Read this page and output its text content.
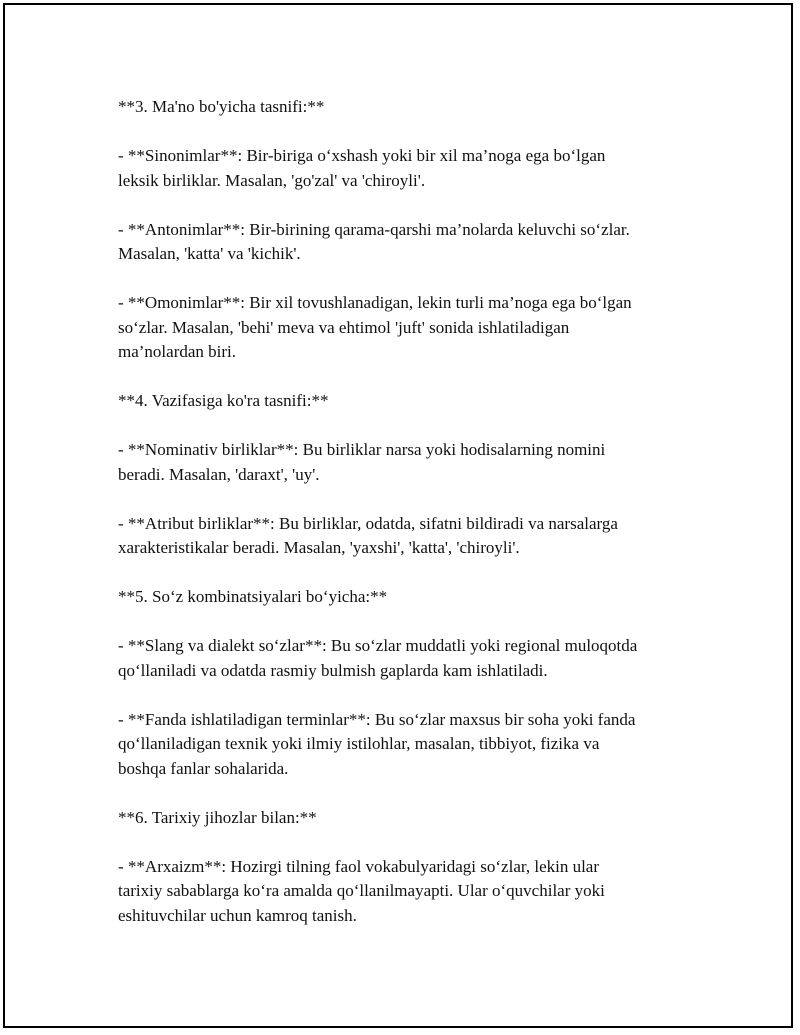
**3. Ma'no bo'yicha tasnifi:**
- **Sinonimlar**: Bir-biriga o‘xshash yoki bir xil ma’noga ega bo‘lgan
leksik birliklar. Masalan, 'go'zal' va 'chiroyli'.
- **Antonimlar**: Bir-birining qarama-qarshi ma’nolarda keluvchi so‘zlar.
Masalan, 'katta' va 'kichik'.
- **Omonimlar**: Bir xil tovushlanadigan, lekin turli ma’noga ega bo‘lgan
so‘zlar. Masalan, 'behi' meva va ehtimol 'juft' sonida ishlatiladigan
ma’nolardan biri.
**4. Vazifasiga ko'ra tasnifi:**
- **Nominativ birliklar**: Bu birliklar narsa yoki hodisalarning nomini
beradi. Masalan, 'daraxt', 'uy'.
- **Atribut birliklar**: Bu birliklar, odatda, sifatni bildiradi va narsalarga
xarakteristikalar beradi. Masalan, 'yaxshi', 'katta', 'chiroyli'.
**5. So‘z kombinatsiyalari bo‘yicha:**
- **Slang va dialekt so‘zlar**: Bu so‘zlar muddatli yoki regional muloqotda
qo‘llaniladi va odatda rasmiy bulmish gaplarda kam ishlatiladi.
- **Fanda ishlatiladigan terminlar**: Bu so‘zlar maxsus bir soha yoki fanda
qo‘llaniladigan texnik yoki ilmiy istilohlar, masalan, tibbiyot, fizika va
boshqa fanlar sohalarida.
**6. Tarixiy jihozlar bilan:**
- **Arxaizm**: Hozirgi tilning faol vokabulyaridagi so‘zlar, lekin ular
tarixiy sabablarga ko‘ra amalda qo‘llanilmayapti. Ular o‘quvchilar yoki
eshituvchilar uchun kamroq tanish.
